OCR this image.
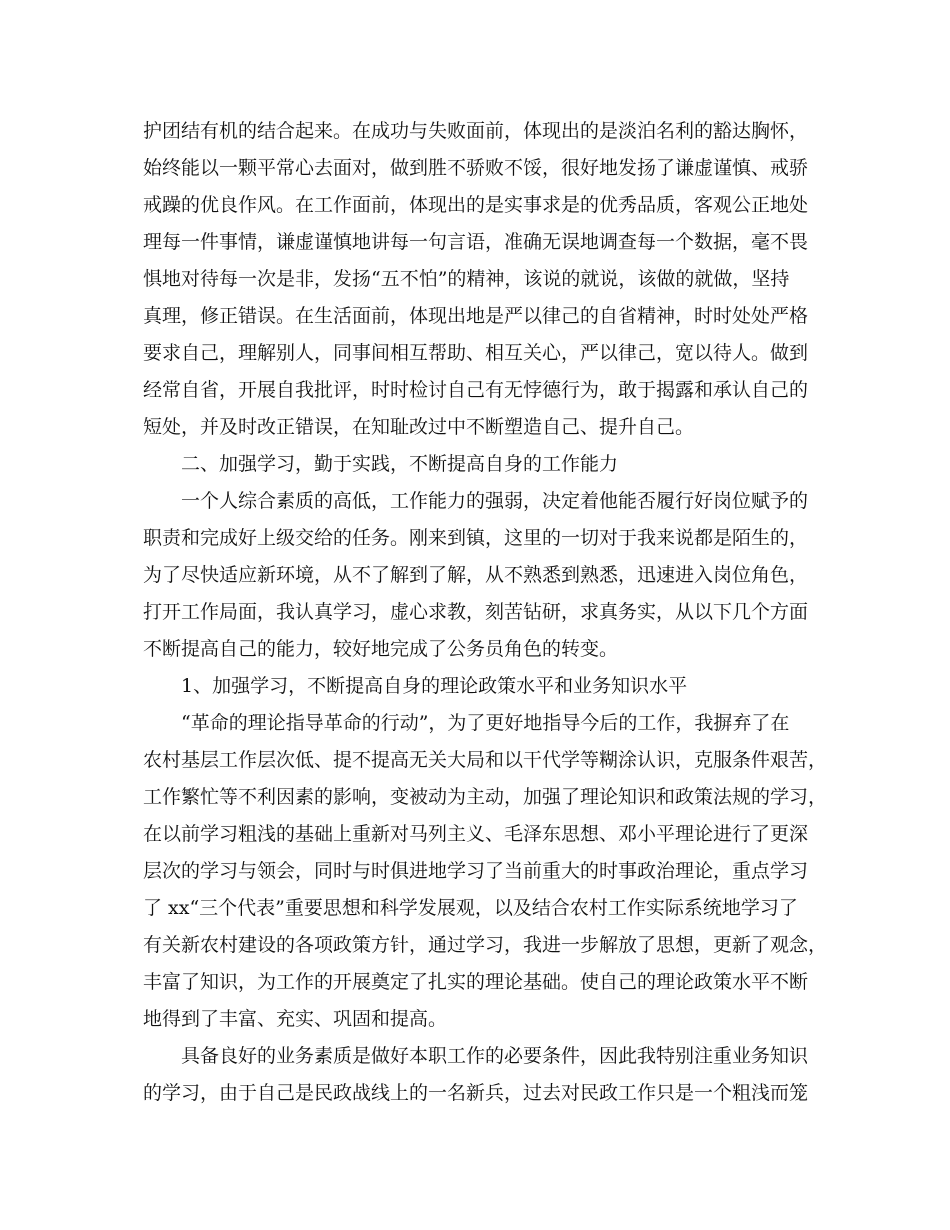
护团结有机的结合起来。在成功与失败面前，体现出的是淡泊名利的豁达胸怀，
始终能以一颗平常心去面对，做到胜不骄败不馁，很好地发扬了谦虚谨慎、戒骄
戒躁的优良作风。在工作面前，体现出的是实事求是的优秀品质，客观公正地处
理每一件事情，谦虚谨慎地讲每一句言语，准确无误地调查每一个数据，毫不畏
惧地对待每一次是非，发扬“五不怕”的精神，该说的就说，该做的就做，坚持
真理，修正错误。在生活面前，体现出地是严以律己的自省精神，时时处处严格
要求自己，理解别人，同事间相互帮助、相互关心，严以律己，宽以待人。做到
经常自省，开展自我批评，时时检讨自己有无悖德行为，敢于揭露和承认自己的
短处，并及时改正错误，在知耻改过中不断塑造自己、提升自己。
二、加强学习，勤于实践，不断提高自身的工作能力
一个人综合素质的高低，工作能力的强弱，决定着他能否履行好岗位赋予的
职责和完成好上级交给的任务。刚来到镇，这里的一切对于我来说都是陌生的，
为了尽快适应新环境，从不了解到了解，从不熟悉到熟悉，迅速进入岗位角色，
打开工作局面，我认真学习，虚心求教，刻苦钻研，求真务实，从以下几个方面
不断提高自己的能力，较好地完成了公务员角色的转变。
1、加强学习，不断提高自身的理论政策水平和业务知识水平
“革命的理论指导革命的行动”，为了更好地指导今后的工作，我摒弃了在
农村基层工作层次低、提不提高无关大局和以干代学等糊涂认识，克服条件艰苦，
工作繁忙等不利因素的影响，变被动为主动，加强了理论知识和政策法规的学习，
在以前学习粗浅的基础上重新对马列主义、毛泽东思想、邓小平理论进行了更深
层次的学习与领会，同时与时俱进地学习了当前重大的时事政治理论，重点学习
了 xx“三个代表”重要思想和科学发展观，以及结合农村工作实际系统地学习了
有关新农村建设的各项政策方针，通过学习，我进一步解放了思想，更新了观念，
丰富了知识，为工作的开展奠定了扎实的理论基础。使自己的理论政策水平不断
地得到了丰富、充实、巩固和提高。
具备良好的业务素质是做好本职工作的必要条件，因此我特别注重业务知识
的学习，由于自己是民政战线上的一名新兵，过去对民政工作只是一个粗浅而笼
